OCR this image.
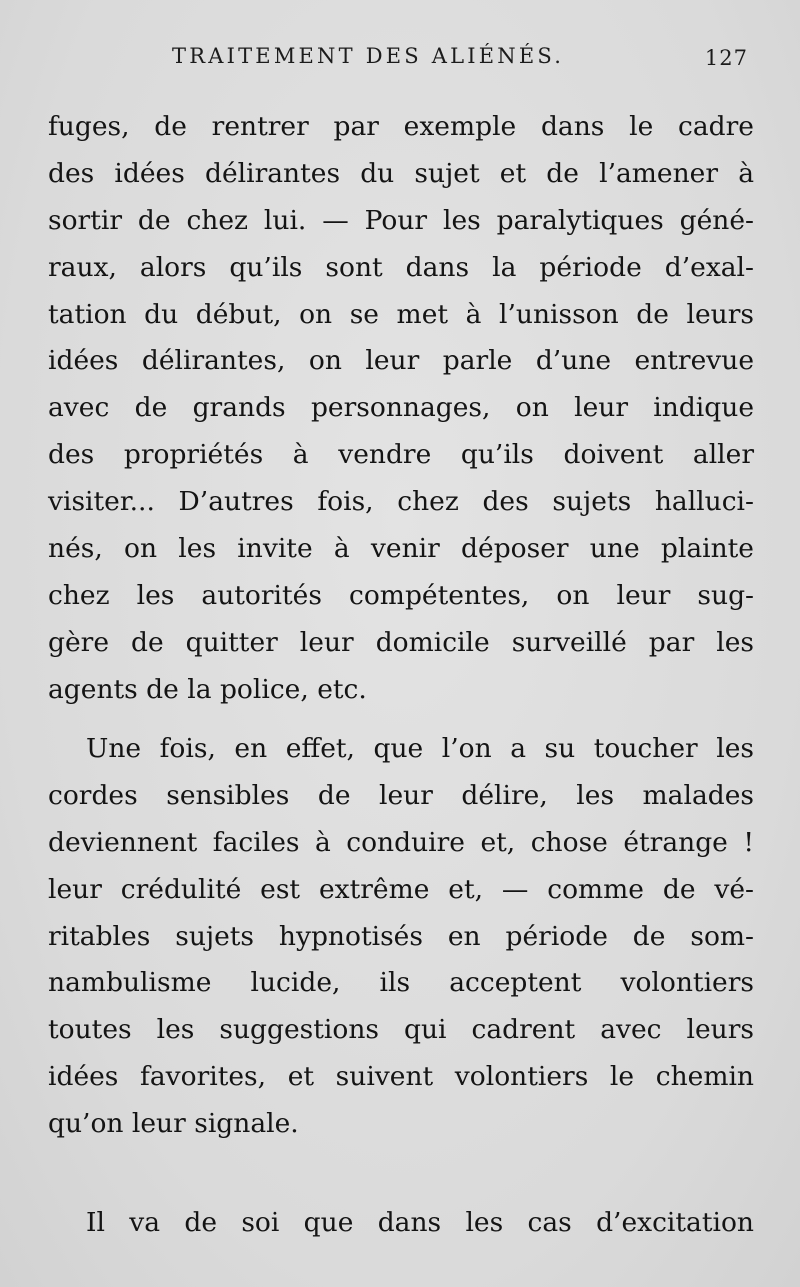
TRAITEMENT DES ALIÉNÉS.	127
fuges, de rentrer par exemple dans le cadre
des idées délirantes du sujet et de l’amener à
sortir de chez lui. — Pour les paralytiques géné-
raux, alors qu’ils sont dans la période d’exal-
tation du début, on se met à l’unisson de leurs
idées délirantes, on leur parle d’une entrevue
avec de grands personnages, on leur indique
des propriétés à vendre qu’ils doivent aller
visiter... D’autres fois, chez des sujets halluci-
nés, on les invite à venir déposer une plainte
chez les autorités compétentes, on leur sug-
gère de quitter leur domicile surveillé par les
agents de la police, etc.
Une fois, en effet, que l’on a su toucher les
cordes sensibles de leur délire, les malades
deviennent faciles à conduire et, chose étrange !
leur crédulité est extrême et, — comme de vé-
ritables sujets hypnotisés en période de som-
nambulisme lucide, ils acceptent volontiers
toutes les suggestions qui cadrent avec leurs
idées favorites, et suivent volontiers le chemin
qu’on leur signale.
Il va de soi que dans les cas d’excitation
